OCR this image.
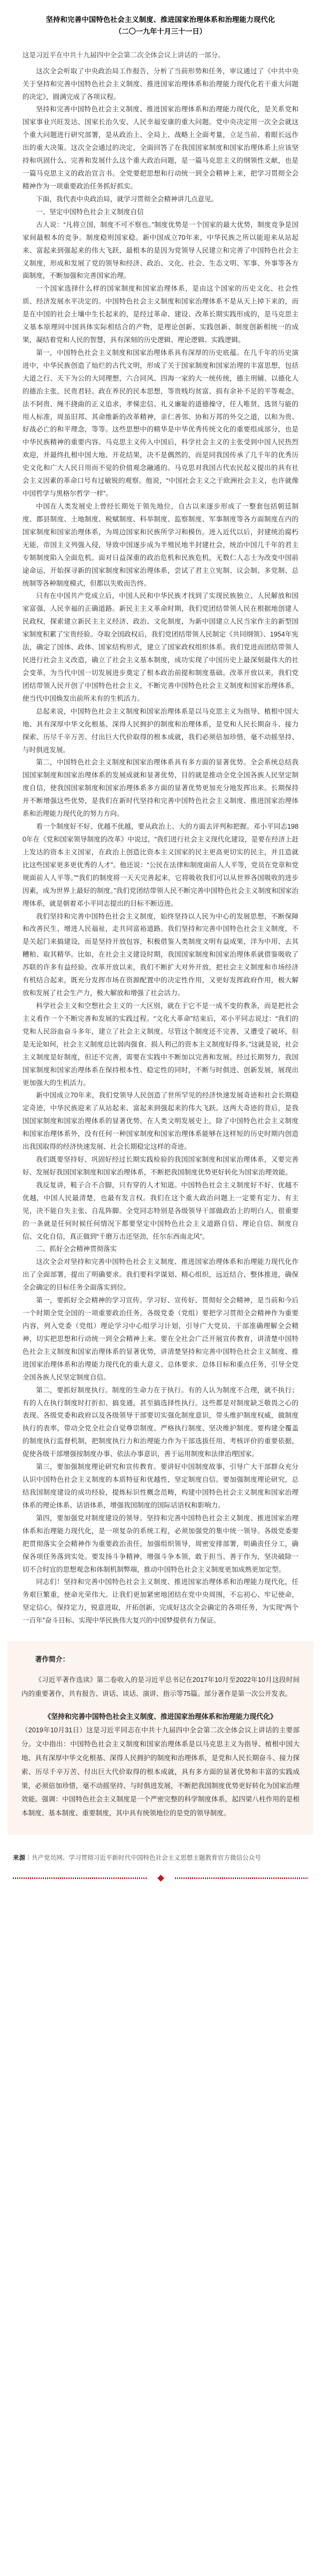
坚持和完善中国特色社会主义制度、推进国家治理体系和治理能力现代化
（二〇一九年十月三十一日）
这是习近平在中共十九届四中全会第二次全体会议上讲话的一部分。

这次全会听取了中央政治局工作报告，分析了当前形势和任务，审议通过了《中共中央关于坚持和完善中国特色社会主义制度、推进国家治理体系和治理能力现代化若干重大问题的决定》，圆满完成了各项议程。

坚持和完善中国特色社会主义制度、推进国家治理体系和治理能力现代化，是关系党和国家事业兴旺发达、国家长治久安、人民幸福安康的重大问题。党中央决定用一次全会就这个重大问题进行研究部署，是从政治上、全局上、战略上全面考量，立足当前、着眼长远作出的重大决策。这次全会通过的决定，全面回答了在我国国家制度和国家治理体系上应该坚持和巩固什么、完善和发展什么这个重大政治问题，是一篇马克思主义的纲领性文献，也是一篇马克思主义的政治宣言书。全党要把思想和行动统一到全会精神上来，把学习贯彻全会精神作为一项重要政治任务抓好抓实。

下面，我代表中央政治局，就学习贯彻全会精神讲几点意见。

一、坚定中国特色社会主义制度自信

古人说：“凡将立国，制度不可不察也。”制度优势是一个国家的最大优势，制度竞争是国家间最根本的竞争。制度稳则国家稳。新中国成立70年来，中华民族之所以能迎来从站起来、富起来到强起来的伟大飞跃，最根本的是因为党领导人民建立和完善了中国特色社会主义制度，形成和发展了党的领导和经济、政治、文化、社会、生态文明、军事、外事等各方面制度，不断加强和完善国家治理。

一个国家选择什么样的国家制度和国家治理体系，是由这个国家的历史文化、社会性质、经济发展水平决定的。中国特色社会主义制度和国家治理体系不是从天上掉下来的，而是在中国的社会土壤中生长起来的，是经过革命、建设、改革长期实践形成的，是马克思主义基本原理同中国具体实际相结合的产物，是理论创新、实践创新、制度创新相统一的成果，凝结着党和人民的智慧，具有深刻的历史逻辑、理论逻辑、实践逻辑。

第一，中国特色社会主义制度和国家治理体系具有深厚的历史底蕴。在几千年的历史演进中，中华民族创造了灿烂的古代文明，形成了关于国家制度和国家治理的丰富思想，包括大道之行、天下为公的大同理想，六合同风、四海一家的大一统传统，德主刑辅、以德化人的德治主张，民贵君轻、政在养民的民本思想，等贵贱均贫富、损有余补不足的平等观念，法不阿贵、绳不挠曲的正义追求，孝悌忠信、礼义廉耻的道德操守，任人唯贤、选贤与能的用人标准，周虽旧邦、其命维新的改革精神，亲仁善邻、协和万邦的外交之道，以和为贵、好战必亡的和平理念，等等。这些思想中的精华是中华优秀传统文化的重要组成部分，也是中华民族精神的重要内容。马克思主义传入中国后，科学社会主义的主张受到中国人民热烈欢迎，并最终扎根中国大地、开花结果，决不是偶然的，而是同我国传承了几千年的优秀历史文化和广大人民日用而不觉的价值观念融通的。马克思对我国古代农民起义提出的具有社会主义因素的革命口号有过敏锐的观察。他说，“中国社会主义之于欧洲社会主义，也许就像中国哲学与黑格尔哲学一样”。

中国在人类发展史上曾经长期处于领先地位，自古以来逐步形成了一整套包括朝廷制度、郡县制度、土地制度、税赋制度、科举制度、监察制度、军事制度等各方面制度在内的国家制度和国家治理体系，为周边国家和民族所学习和模仿。进入近代以后，封建统治腐朽无能，帝国主义列强入侵，导致中国逐步成为半殖民地半封建社会，统治中国几千年的君主专制制度陷入全面危机。面对日益深重的政治危机和民族危机，无数仁人志士为改变中国前途命运，开始探寻新的国家制度和国家治理体系，尝试了君主立宪制、议会制、多党制、总统制等各种制度模式，但都以失败而告终。

只有在中国共产党成立后，中国人民和中华民族才找到了实现民族独立、人民解放和国家富强、人民幸福的正确道路。新民主主义革命时期，我们党团结带领人民在根据地创建人民政权，探索建立新民主主义经济、政治、文化制度，为新中国建立人民当家作主的新型国家制度积累了宝贵经验。夺取全国政权后，我们党团结带领人民制定《共同纲领》、1954年宪法，确定了国体、政体、国家结构形式，建立了国家政权组织体系。我们党进而团结带领人民进行社会主义改造，确立了社会主义基本制度，成功实现了中国历史上最深刻最伟大的社会变革，为当代中国一切发展进步奠定了根本政治前提和制度基础。改革开放以来，我们党团结带领人民开创了中国特色社会主义，不断完善中国特色社会主义制度和国家治理体系，使当代中国焕发出前所未有的生机活力。

总起来说，中国特色社会主义制度和国家治理体系是以马克思主义为指导、植根中国大地、具有深厚中华文化根基、深得人民拥护的制度和治理体系，是党和人民长期奋斗、接力探索、历尽千辛万苦、付出巨大代价取得的根本成就，我们必须倍加珍惜，毫不动摇坚持、与时俱进发展。

第二，中国特色社会主义制度和国家治理体系具有多方面的显著优势。全会系统总结我国国家制度和国家治理体系的发展成就和显著优势，目的就是推动全党全国各族人民坚定制度自信，使我国国家制度和国家治理体系多方面的显著优势更加充分地发挥出来。长期保持并不断增强这些优势，是我们在新时代坚持和完善中国特色社会主义制度、推进国家治理体系和治理能力现代化的努力方向。

看一个制度好不好、优越不优越，要从政治上、大的方面去评判和把握。邓小平同志1980年在《党和国家领导制度的改革》中说过，“我们进行社会主义现代化建设，是要在经济上赶上发达的资本主义国家，在政治上创造比资本主义国家的民主更高更切实的民主，并且造就比这些国家更多更优秀的人才”。他还说：“公民在法律和制度面前人人平等，党员在党章和党规面前人人平等。”“我们的制度将一天天完善起来，它将吸收我们可以从世界各国吸收的进步因素，成为世界上最好的制度。”我们党团结带领人民不断完善中国特色社会主义制度和国家治理体系，就是朝着邓小平同志提出的目标不断迈进。

我们坚持和完善中国特色社会主义制度，始终坚持以人民为中心的发展思想，不断保障和改善民生、增进人民福祉，走共同富裕道路。我们坚持和完善中国特色社会主义制度，不是关起门来搞建设，而是坚持开放包容，积极借鉴人类制度文明有益成果，洋为中用、去其糟粕、取其精华。比如，在社会主义建设时期，我国国家制度和国家治理体系就借鉴吸收了苏联的许多有益经验。改革开放以来，我们不断扩大对外开放，把社会主义制度和市场经济有机结合起来，既充分发挥市场在资源配置中的决定性作用，又更好发挥政府作用，极大解放和发展了社会生产力，极大解放和增强了社会活力。

科学社会主义和空想社会主义的一大区别，就在于它不是一成不变的教条，而是把社会主义看作一个不断完善和发展的实践过程。“文化大革命”结束后，邓小平同志说过：“我们的党和人民浴血奋斗多年，建立了社会主义制度。尽管这个制度还不完善，又遭受了破坏，但是无论如何，社会主义制度总比弱肉强食、损人利己的资本主义制度好得多。”这就是说，社会主义制度是好制度，但还不完善，需要在实践中不断加以完善和发展。经过长期努力，我国国家制度和国家治理体系在保持根本性、稳定性的同时，不断与时俱进、创新发展，展现出更加强大的生机活力。

新中国成立70年来，我们党领导人民创造了世所罕见的经济快速发展奇迹和社会长期稳定奇迹，中华民族迎来了从站起来、富起来到强起来的伟大飞跃。这两大奇迹的背后，是我国国家制度和国家治理体系的显著优势。在人类文明发展史上，除了中国特色社会主义制度和国家治理体系外，没有任何一种国家制度和国家治理体系能够在这样短的历史时期内创造出我国取得的经济快速发展、社会长期稳定这样的奇迹。

我们既要坚持好、巩固好经过长期实践检验的我国国家制度和国家治理体系，又要完善好、发展好我国国家制度和国家治理体系，不断把我国制度优势更好转化为国家治理效能。

我反复讲，鞋子合不合脚，只有穿的人才知道。中国特色社会主义制度好不好、优越不优越，中国人民最清楚，也最有发言权。我们在这个重大政治问题上一定要有定力、有主见，决不能自失主张、自乱阵脚。全党同志特别是各级领导干部做政治上的明白人，很重要的一条就是任何时候任何情况下都要坚定中国特色社会主义道路自信、理论自信、制度自信、文化自信，真正做到“千磨万击还坚劲，任尔东西南北风”。

二、抓好全会精神贯彻落实

这次全会对坚持和完善中国特色社会主义制度、推进国家治理体系和治理能力现代化作出了全面部署，提出了明确要求。我们要科学谋划、精心组织，远近结合、整体推进，确保全会确定的目标任务全面落实到位。

第一，要抓好全会精神的学习宣传。学习好、宣传好、贯彻好全会精神，是当前和今后一个时期全党全国的一项重要政治任务。各级党委（党组）要把学习贯彻全会精神作为重要内容，列入党委（党组）理论学习中心组学习计划，引导广大党员、干部准确理解全会精神，切实把思想和行动统一到全会精神上来。要在全社会广泛开展宣传教育，讲清楚中国特色社会主义制度和国家治理体系的显著优势，讲清楚坚持和完善中国特色社会主义制度、推进国家治理体系和治理能力现代化的重大意义、总体要求、总体目标和重点任务，引导全党全国各族人民坚定制度自信。

第二，要抓好制度执行。制度的生命力在于执行。有的人认为制度不合理，就不执行；有的人在执行制度时打折扣、搞变通，甚至搞选择性执行。这些都是对制度缺乏敬畏之心的表现。各级党委和政府以及各级领导干部要切实强化制度意识，带头维护制度权威，做制度执行的表率，带动全党全社会自觉尊崇制度、严格执行制度、坚决维护制度。要构建全覆盖的制度执行监督机制，把制度执行力和治理能力作为干部选拔任用、考核评价的重要依据，促使各级干部增强按制度办事、依法办事意识，善于运用制度和法律治理国家。

第三，要加强制度理论研究和宣传教育。要讲好中国制度故事，引导广大干部群众充分认识中国特色社会主义制度的本质特征和优越性，坚定制度自信。要加强制度理论研究，总结我国制度建设的成功经验，提炼标识性概念范畴，构建中国特色社会主义制度和国家治理体系的理论体系、话语体系，增强我国制度的国际话语权和影响力。

第四，要加强党对制度建设的领导。坚持和完善中国特色社会主义制度、推进国家治理体系和治理能力现代化，是一项复杂的系统工程，必须加强党的集中统一领导。各级党委要把贯彻落实全会精神作为重要政治责任，加强组织领导，周密安排部署，明确责任分工，确保各项任务落到实处。要发扬斗争精神，增强斗争本领，敢于担当、善于作为，坚决破除一切不合时宜的思想观念和体制机制弊端，推动中国特色社会主义制度更加成熟更加定型。

同志们！坚持和完善中国特色社会主义制度、推进国家治理体系和治理能力现代化，任务艰巨繁重，使命光荣伟大。让我们更加紧密地团结在党中央周围，不忘初心、牢记使命，坚定信心，保持定力，锐意进取，开拓创新，完成好这次全会确定的各项任务，为实现“两个一百年”奋斗目标、实现中华民族伟大复兴的中国梦提供有力保证。

著作简介：

《习近平著作选读》第二卷收入的是习近平总书记在2017年10月至2022年10月这段时间内的重要著作，共有报告、讲话、谈话、演讲、指示等75篇。部分著作是第一次公开发表。

《坚持和完善中国特色社会主义制度、推进国家治理体系和治理能力现代化》

（2019年10月31日）这是习近平同志在中共十九届四中全会第二次全体会议上讲话的主要部分。文中指出：中国特色社会主义制度和国家治理体系是以马克思主义为指导、植根中国大地、具有深厚中华文化根基、深得人民拥护的制度和治理体系，是党和人民长期奋斗、接力探索、历尽千辛万苦、付出巨大代价取得的根本成就，具有多方面的显著优势和丰富的实践成果，必须倍加珍惜，毫不动摇坚持、与时俱进发展，不断把我国制度优势更好转化为国家治理效能。强调：中国特色社会主义制度是一个严密完整的科学制度体系，起四梁八柱作用的是根本制度、基本制度、重要制度，其中具有统领地位的是党的领导制度。

来源｜共产党员网、学习贯彻习近平新时代中国特色社会主义思想主题教育官方微信公众号
